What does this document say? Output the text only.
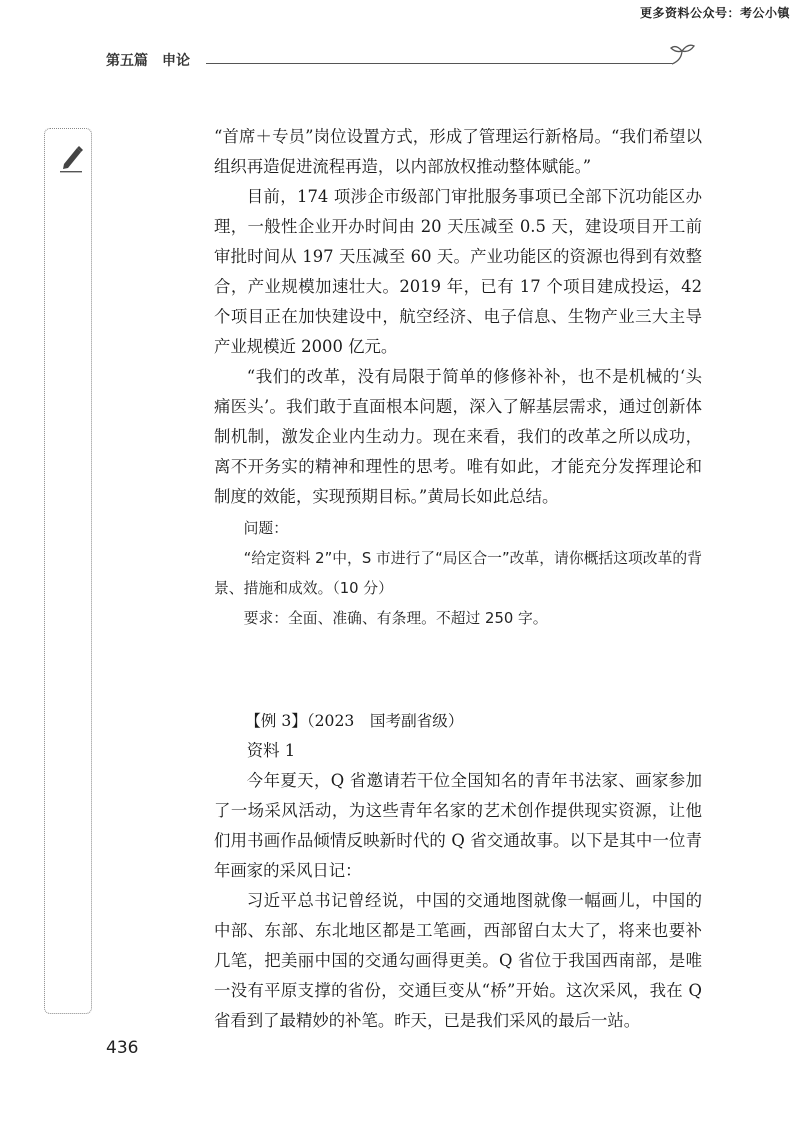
更多资料公众号：考公小镇
第五篇　申论

“首席＋专员”岗位设置方式，形成了管理运行新格局。“我们希望以组织再造促进流程再造，以内部放权推动整体赋能。”

目前，174 项涉企市级部门审批服务事项已全部下沉功能区办理，一般性企业开办时间由 20 天压减至 0.5 天，建设项目开工前审批时间从 197 天压减至 60 天。产业功能区的资源也得到有效整合，产业规模加速壮大。2019 年，已有 17 个项目建成投运，42 个项目正在加快建设中，航空经济、电子信息、生物产业三大主导产业规模近 2000 亿元。

“我们的改革，没有局限于简单的修修补补，也不是机械的‘头痛医头’。我们敢于直面根本问题，深入了解基层需求，通过创新体制机制，激发企业内生动力。现在来看，我们的改革之所以成功，离不开务实的精神和理性的思考。唯有如此，才能充分发挥理论和制度的效能，实现预期目标。”黄局长如此总结。

问题：

“给定资料 2”中，S 市进行了“局区合一”改革，请你概括这项改革的背景、措施和成效。（10 分）

要求：全面、准确、有条理。不超过 250 字。

【例 3】（2023　国考副省级）

资料 1

今年夏天，Q 省邀请若干位全国知名的青年书法家、画家参加了一场采风活动，为这些青年名家的艺术创作提供现实资源，让他们用书画作品倾情反映新时代的 Q 省交通故事。以下是其中一位青年画家的采风日记：

习近平总书记曾经说，中国的交通地图就像一幅画儿，中国的中部、东部、东北地区都是工笔画，西部留白太大了，将来也要补几笔，把美丽中国的交通勾画得更美。Q 省位于我国西南部，是唯一没有平原支撑的省份，交通巨变从“桥”开始。这次采风，我在 Q 省看到了最精妙的补笔。昨天，已是我们采风的最后一站。

436
